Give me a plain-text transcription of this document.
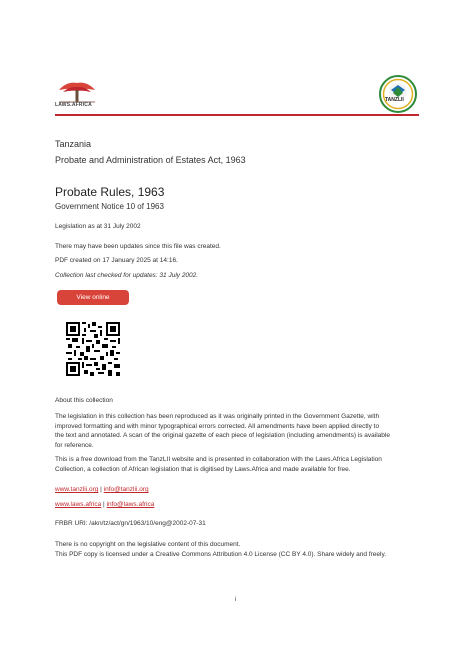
LAWS.AFRICA
TANZLII
Tanzania
Probate and Administration of Estates Act, 1963
Probate Rules, 1963
Government Notice 10 of 1963
Legislation as at 31 July 2002
There may have been updates since this file was created.
PDF created on 17 January 2025 at 14:16.
Collection last checked for updates: 31 July 2002.
View online
About this collection
The legislation in this collection has been reproduced as it was originally printed in the Government Gazette, with
improved formatting and with minor typographical errors corrected. All amendments have been applied directly to
the text and annotated. A scan of the original gazette of each piece of legislation (including amendments) is available
for reference.
This is a free download from the TanzLII website and is presented in collaboration with the Laws.Africa Legislation
Collection, a collection of African legislation that is digitised by Laws.Africa and made available for free.
www.tanzlii.org | info@tanzlii.org
www.laws.africa | info@laws.africa
FRBR URI: /akn/tz/act/gn/1963/10/eng@2002-07-31
There is no copyright on the legislative content of this document.
This PDF copy is licensed under a Creative Commons Attribution 4.0 License (CC BY 4.0). Share widely and freely.
i
